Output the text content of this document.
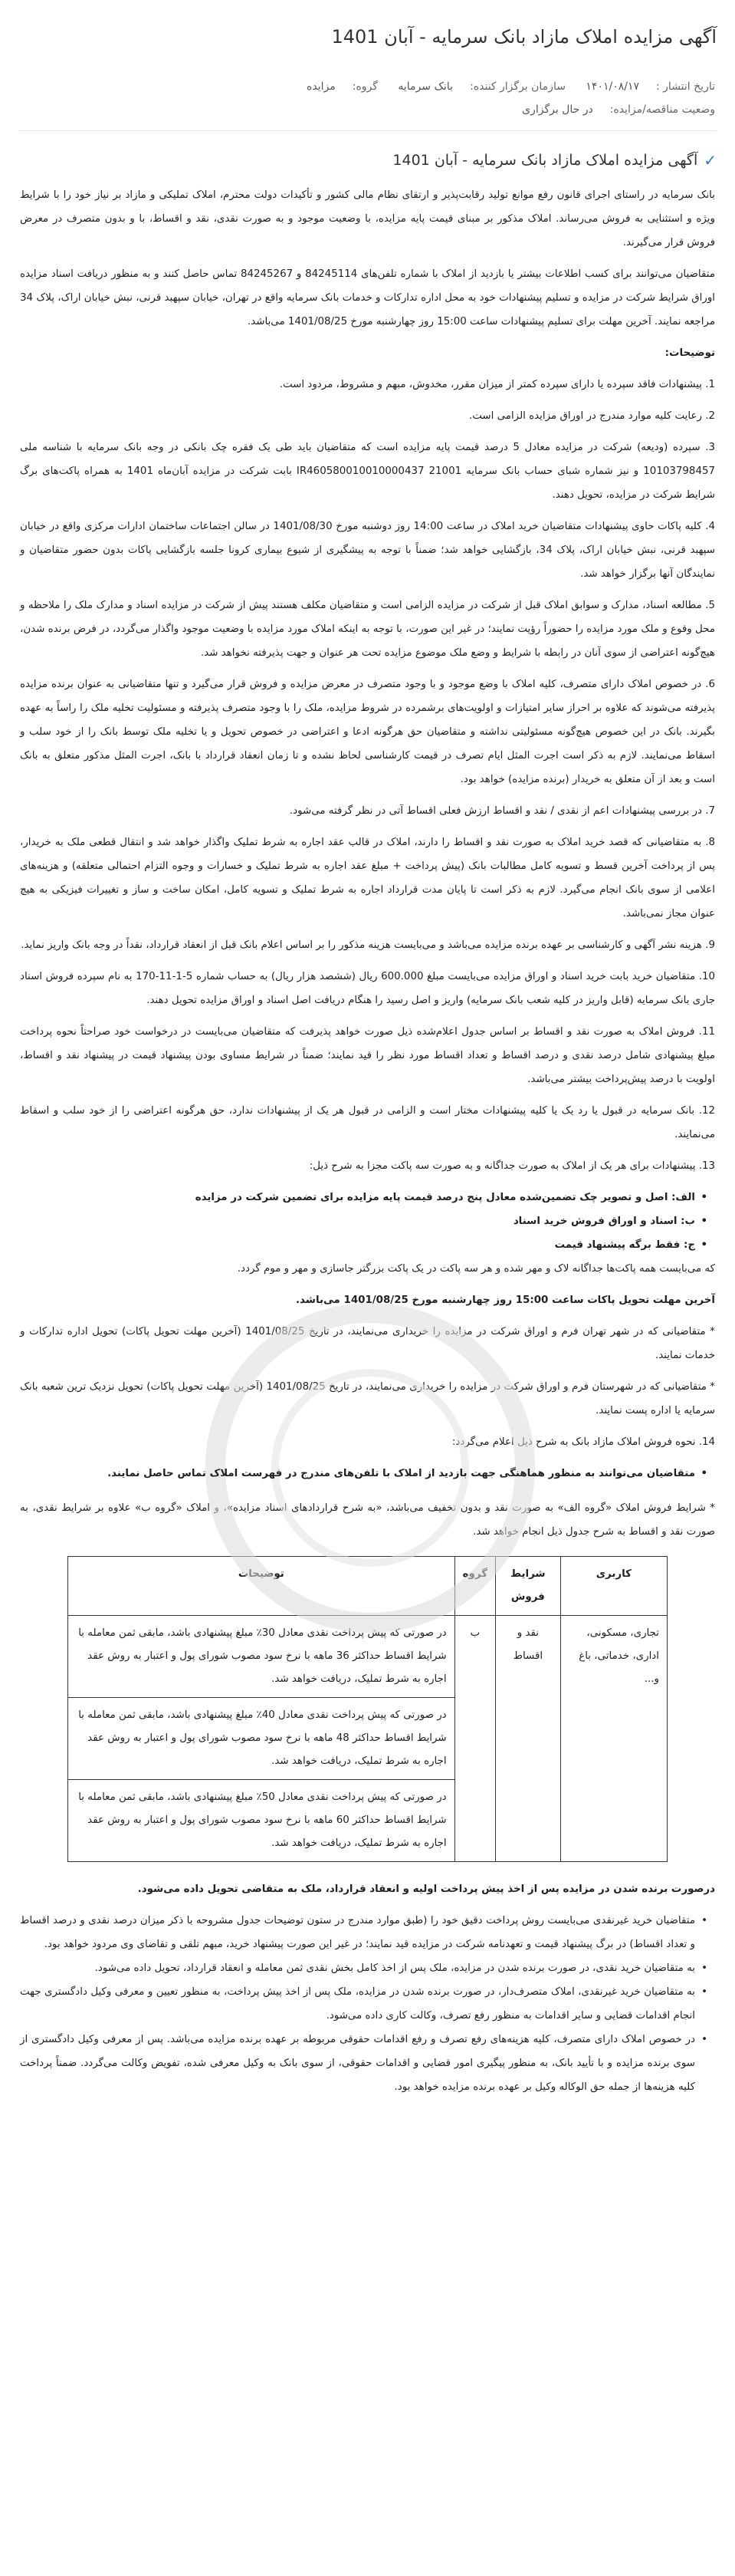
آگهی مزایده املاک مازاد بانک سرمایه - آبان 1401
تاریخ انتشار :۱۴۰۱/۰۸/۱۷ سازمان برگزار کننده:بانک سرمایه گروه:مزایده
وضعیت مناقصه/مزایده:در حال برگزاری
✓
آگهی مزایده املاک مازاد بانک سرمایه - آبان 1401

بانک سرمایه در راستای اجرای قانون رفع موانع تولید رقابت‌پذیر و ارتقای نظام مالی کشور و تأکیدات دولت محترم، املاک تملیکی و مازاد بر نیاز خود را با شرایط ویژه و استثنایی به فروش می‌رساند. املاک مذکور بر مبنای قیمت پایه مزایده، با وضعیت موجود و به صورت نقدی، نقد و اقساط، با و بدون متصرف در معرض فروش قرار می‌گیرند.

متقاضیان می‌توانند برای کسب اطلاعات بیشتر یا بازدید از املاک با شماره تلفن‌های 84245114 و 84245267 تماس حاصل کنند و به منظور دریافت اسناد مزایده اوراق شرایط شرکت در مزایده و تسلیم پیشنهادات خود به محل اداره تدارکات و خدمات بانک سرمایه واقع در تهران، خیابان سپهبد قرنی، نبش خیابان اراک، پلاک 34 مراجعه نمایند. آخرین مهلت برای تسلیم پیشنهادات ساعت 15:00 روز چهارشنبه مورخ 1401/08/25 می‌باشد.

توضیحات:

1. پیشنهادات فاقد سپرده یا دارای سپرده کمتر از میزان مقرر، مخدوش، مبهم و مشروط، مردود است.

2. رعایت کلیه موارد مندرج در اوراق مزایده الزامی است.

3. سپرده (ودیعه) شرکت در مزایده معادل 5 درصد قیمت پایه مزایده است که متقاضیان باید طی یک فقره چک بانکی در وجه بانک سرمایه با شناسه ملی 10103798457 و نیز شماره شبای حساب بانک سرمایه IR460580010010000437 21001 بابت شرکت در مزایده آبان‌ماه 1401 به همراه پاکت‌های برگ شرایط شرکت در مزایده، تحویل دهند.

4. کلیه پاکات حاوی پیشنهادات متقاضیان خرید املاک در ساعت 14:00 روز دوشنبه مورخ 1401/08/30 در سالن اجتماعات ساختمان ادارات مرکزی واقع در خیابان سپهبد قرنی، نبش خیابان اراک، پلاک 34، بازگشایی خواهد شد؛ ضمناً با توجه به پیشگیری از شیوع بیماری کرونا جلسه بازگشایی پاکات بدون حضور متقاضیان و نمایندگان آنها برگزار خواهد شد.

5. مطالعه اسناد، مدارک و سوابق املاک قبل از شرکت در مزایده الزامی است و متقاضیان مکلف هستند پیش از شرکت در مزایده اسناد و مدارک ملک را ملاحظه و محل وقوع و ملک مورد مزایده را حضوراً رؤیت نمایند؛ در غیر این صورت، با توجه به اینکه املاک مورد مزایده با وضعیت موجود واگذار می‌گردد، در فرض برنده شدن، هیچ‌گونه اعتراضی از سوی آنان در رابطه با شرایط و وضع ملک موضوع مزایده تحت هر عنوان و جهت پذیرفته نخواهد شد.

6. در خصوص املاک دارای متصرف، کلیه املاک با وضع موجود و با وجود متصرف در معرض مزایده و فروش قرار می‌گیرد و تنها متقاضیانی به عنوان برنده مزایده پذیرفته می‌شوند که علاوه بر احراز سایر امتیازات و اولویت‌های برشمرده در شروط مزایده، ملک را با وجود متصرف پذیرفته و مسئولیت تخلیه ملک را راساً به عهده بگیرند. بانک در این خصوص هیچ‌گونه مسئولیتی نداشته و متقاضیان حق هرگونه ادعا و اعتراضی در خصوص تحویل و یا تخلیه ملک توسط بانک را از خود سلب و اسقاط می‌نمایند. لازم به ذکر است اجرت المثل ایام تصرف در قیمت کارشناسی لحاظ نشده و تا زمان انعقاد قرارداد با بانک، اجرت المثل مذکور متعلق به بانک است و بعد از آن متعلق به خریدار (برنده مزایده) خواهد بود.

7. در بررسی پیشنهادات اعم از نقدی / نقد و اقساط ارزش فعلی اقساط آتی در نظر گرفته می‌شود.

8. به متقاضیانی که قصد خرید املاک به صورت نقد و اقساط را دارند، املاک در قالب عقد اجاره به شرط تملیک واگذار خواهد شد و انتقال قطعی ملک به خریدار، پس از پرداخت آخرین قسط و تسویه کامل مطالبات بانک (پیش پرداخت + مبلغ عقد اجاره به شرط تملیک و خسارات و وجوه التزام احتمالی متعلقه) و هزینه‌های اعلامی از سوی بانک انجام می‌گیرد. لازم به ذکر است تا پایان مدت قرارداد اجاره به شرط تملیک و تسویه کامل، امکان ساخت و ساز و تغییرات فیزیکی به هیچ عنوان مجاز نمی‌باشد.

9. هزینه نشر آگهی و کارشناسی بر عهده برنده مزایده می‌باشد و می‌بایست هزینه مذکور را بر اساس اعلام بانک قبل از انعقاد قرارداد، نقداً در وجه بانک واریز نماید.

10. متقاضیان خرید بابت خرید اسناد و اوراق مزایده می‌بایست مبلغ 600.000 ریال (ششصد هزار ریال) به حساب شماره 5-1-11-170 به نام سپرده فروش اسناد جاری بانک سرمایه (قابل واریز در کلیه شعب بانک سرمایه) واریز و اصل رسید را هنگام دریافت اصل اسناد و اوراق مزایده تحویل دهند.

11. فروش املاک به صورت نقد و اقساط بر اساس جدول اعلام‌شده ذیل صورت خواهد پذیرفت که متقاضیان می‌بایست در درخواست خود صراحتاً نحوه پرداخت مبلغ پیشنهادی شامل درصد نقدی و درصد اقساط و تعداد اقساط مورد نظر را قید نمایند؛ ضمناً در شرایط مساوی بودن پیشنهاد قیمت در پیشنهاد نقد و اقساط، اولویت با درصد پیش‌پرداخت بیشتر می‌باشد.

12. بانک سرمایه در قبول یا رد یک یا کلیه پیشنهادات مختار است و الزامی در قبول هر یک از پیشنهادات ندارد، حق هرگونه اعتراضی را از خود سلب و اسقاط می‌نمایند.

13. پیشنهادات برای هر یک از املاک به صورت جداگانه و به صورت سه پاکت مجزا به شرح ذیل:

• الف: اصل و تصویر چک تضمین‌شده معادل پنج درصد قیمت پایه مزایده برای تضمین شرکت در مزایده
• ب: اسناد و اوراق فروش خرید اسناد
• ج: فقط برگه پیشنهاد قیمت

که می‌بایست همه پاکت‌ها جداگانه لاک و مهر شده و هر سه پاکت در یک پاکت بزرگتر جاسازی و مهر و موم گردد.

آخرین مهلت تحویل پاکات ساعت 15:00 روز چهارشنبه مورخ 1401/08/25 می‌باشد.

* متقاضیانی که در شهر تهران فرم و اوراق شرکت در مزایده را خریداری می‌نمایند، در تاریخ 1401/08/25 (آخرین مهلت تحویل پاکات) تحویل اداره تدارکات و خدمات نمایند.

* متقاضیانی که در شهرستان فرم و اوراق شرکت در مزایده را خریداری می‌نمایند، در تاریخ 1401/08/25 (آخرین مهلت تحویل پاکات) تحویل نزدیک ترین شعبه بانک سرمایه یا اداره پست نمایند.

14. نحوه فروش املاک مازاد بانک به شرح ذیل اعلام می‌گردد:

• متقاضیان می‌توانند به منظور هماهنگی جهت بازدید از املاک با تلفن‌های مندرج در فهرست املاک تماس حاصل نمایند.

* شرایط فروش املاک «گروه الف» به صورت نقد و بدون تخفیف می‌باشد، «به شرح قراردادهای اسناد مزایده»، و املاک «گروه ب» علاوه بر شرایط نقدی، به صورت نقد و اقساط به شرح جدول ذیل انجام خواهد شد.

کاربری	شرایط فروش	گروه	توضیحات
تجاری، مسکونی، اداری، خدماتی، باغ و...	نقد و اقساط	ب	در صورتی که پیش پرداخت نقدی معادل 30٪ مبلغ پیشنهادی باشد، مابقی ثمن معامله با شرایط اقساط حداکثر 36 ماهه با نرخ سود مصوب شورای پول و اعتبار به روش عقد اجاره به شرط تملیک، دریافت خواهد شد.
			در صورتی که پیش پرداخت نقدی معادل 40٪ مبلغ پیشنهادی باشد، مابقی ثمن معامله با شرایط اقساط حداکثر 48 ماهه با نرخ سود مصوب شورای پول و اعتبار به روش عقد اجاره به شرط تملیک، دریافت خواهد شد.
			در صورتی که پیش پرداخت نقدی معادل 50٪ مبلغ پیشنهادی باشد، مابقی ثمن معامله با شرایط اقساط حداکثر 60 ماهه با نرخ سود مصوب شورای پول و اعتبار به روش عقد اجاره به شرط تملیک، دریافت خواهد شد.

درصورت برنده شدن در مزایده پس از اخذ پیش پرداخت اولیه و انعقاد قرارداد، ملک به متقاضی تحویل داده می‌شود.

• متقاضیان خرید غیرنقدی می‌بایست روش پرداخت دقیق خود را (طبق موارد مندرج در ستون توضیحات جدول مشروحه با ذکر میزان درصد نقدی و درصد اقساط و تعداد اقساط) در برگ پیشنهاد قیمت و تعهدنامه شرکت در مزایده قید نمایند؛ در غیر این صورت پیشنهاد خرید، مبهم تلقی و تقاضای وی مردود خواهد بود.
• به متقاضیان خرید نقدی، در صورت برنده شدن در مزایده، ملک پس از اخذ کامل بخش نقدی ثمن معامله و انعقاد قرارداد، تحویل داده می‌شود.
• به متقاضیان خرید غیرنقدی، املاک متصرف‌دار، در صورت برنده شدن در مزایده، ملک پس از اخذ پیش پرداخت، به منظور تعیین و معرفی وکیل دادگستری جهت انجام اقدامات قضایی و سایر اقدامات به منظور رفع تصرف، وکالت کاری داده می‌شود.
• در خصوص املاک دارای متصرف، کلیه هزینه‌های رفع تصرف و رفع اقدامات حقوقی مربوطه بر عهده برنده مزایده می‌باشد. پس از معرفی وکیل دادگستری از سوی برنده مزایده و با تأیید بانک، به منظور پیگیری امور قضایی و اقدامات حقوقی، از سوی بانک به وکیل معرفی شده، تفویض وکالت می‌گردد. ضمناً پرداخت کلیه هزینه‌ها از جمله حق الوکاله وکیل بر عهده برنده مزایده خواهد بود.
